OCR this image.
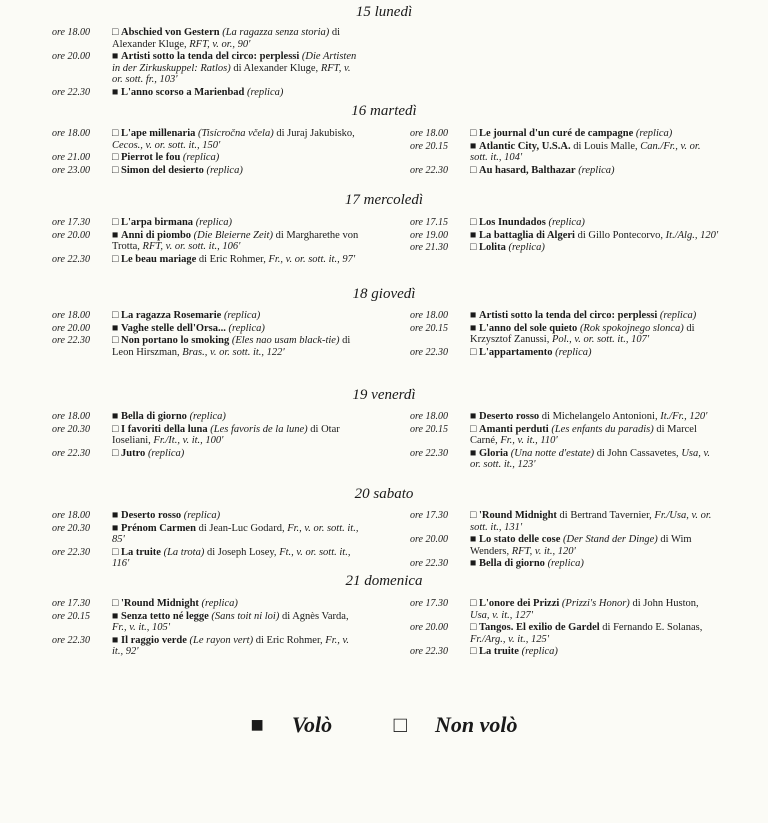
15 lunedì
ore 18.00	□ Abschied von Gestern (La ragazza senza storia) di Alexander Kluge, RFT, v. or., 90'
ore 20.00	■ Artisti sotto la tenda del circo: perplessi (Die Artisten in der Zirkuskuppel: Ratlos) di Alexander Kluge, RFT, v. or. sott. fr., 103'
ore 22.30	■ L'anno scorso a Marienbad (replica)
16 martedì
ore 18.00	□ L'ape millenaria (Tisícročna včela) di Juraj Jakubisko, Cecos., v. or. sott. it., 150'
ore 21.00	□ Pierrot le fou (replica)
ore 23.00	□ Simon del desierto (replica)
ore 18.00	□ Le journal d'un curé de campagne (replica)
ore 20.15	■ Atlantic City, U.S.A. di Louis Malle, Can./Fr., v. or. sott. it., 104'
ore 22.30	□ Au hasard, Balthazar (replica)
17 mercoledì
ore 17.30	□ L'arpa birmana (replica)
ore 20.00	■ Anni di piombo (Die Bleierne Zeit) di Margharethe von Trotta, RFT, v. or. sott. it., 106'
ore 22.30	□ Le beau mariage di Eric Rohmer, Fr., v. or. sott. it., 97'
ore 17.15	□ Los Inundados (replica)
ore 19.00	■ La battaglia di Algeri di Gillo Pontecorvo, It./Alg., 120'
ore 21.30	□ Lolita (replica)
18 giovedì
ore 18.00	□ La ragazza Rosemarie (replica)
ore 20.00	■ Vaghe stelle dell'Orsa... (replica)
ore 22.30	□ Non portano lo smoking (Eles nao usam black-tie) di Leon Hirszman, Bras., v. or. sott. it., 122'
ore 18.00	■ Artisti sotto la tenda del circo: perplessi (replica)
ore 20.15	■ L'anno del sole quieto (Rok spokojnego slonca) di Krzysztof Zanussi, Pol., v. or. sott. it., 107'
ore 22.30	□ L'appartamento (replica)
19 venerdì
ore 18.00	■ Bella di giorno (replica)
ore 20.30	□ I favoriti della luna (Les favoris de la lune) di Otar Ioseliani, Fr./It., v. it., 100'
ore 22.30	□ Jutro (replica)
ore 18.00	■ Deserto rosso di Michelangelo Antonioni, It./Fr., 120'
ore 20.15	□ Amanti perduti (Les enfants du paradis) di Marcel Carné, Fr., v. it., 110'
ore 22.30	■ Gloria (Una notte d'estate) di John Cassavetes, Usa, v. or. sott. it., 123'
20 sabato
ore 18.00	■ Deserto rosso (replica)
ore 20.30	■ Prénom Carmen di Jean-Luc Godard, Fr., v. or. sott. it., 85'
ore 22.30	□ La truite (La trota) di Joseph Losey, Ft., v. or. sott. it., 116'
ore 17.30	□ 'Round Midnight di Bertrand Tavernier, Fr./Usa, v. or. sott. it., 131'
ore 20.00	■ Lo stato delle cose (Der Stand der Dinge) di Wim Wenders, RFT, v. it., 120'
ore 22.30	■ Bella di giorno (replica)
21 domenica
ore 17.30	□ 'Round Midnight (replica)
ore 20.15	■ Senza tetto né legge (Sans toit ni loi) di Agnès Varda, Fr., v. it., 105'
ore 22.30	■ Il raggio verde (Le rayon vert) di Eric Rohmer, Fr., v. it., 92'
ore 17.30	□ L'onore dei Prizzi (Prizzi's Honor) di John Huston, Usa, v. it., 127'
ore 20.00	□ Tangos. El exilio de Gardel di Fernando E. Solanas, Fr./Arg., v. it., 125'
ore 22.30	□ La truite (replica)
■ Volò	□ Non volò
